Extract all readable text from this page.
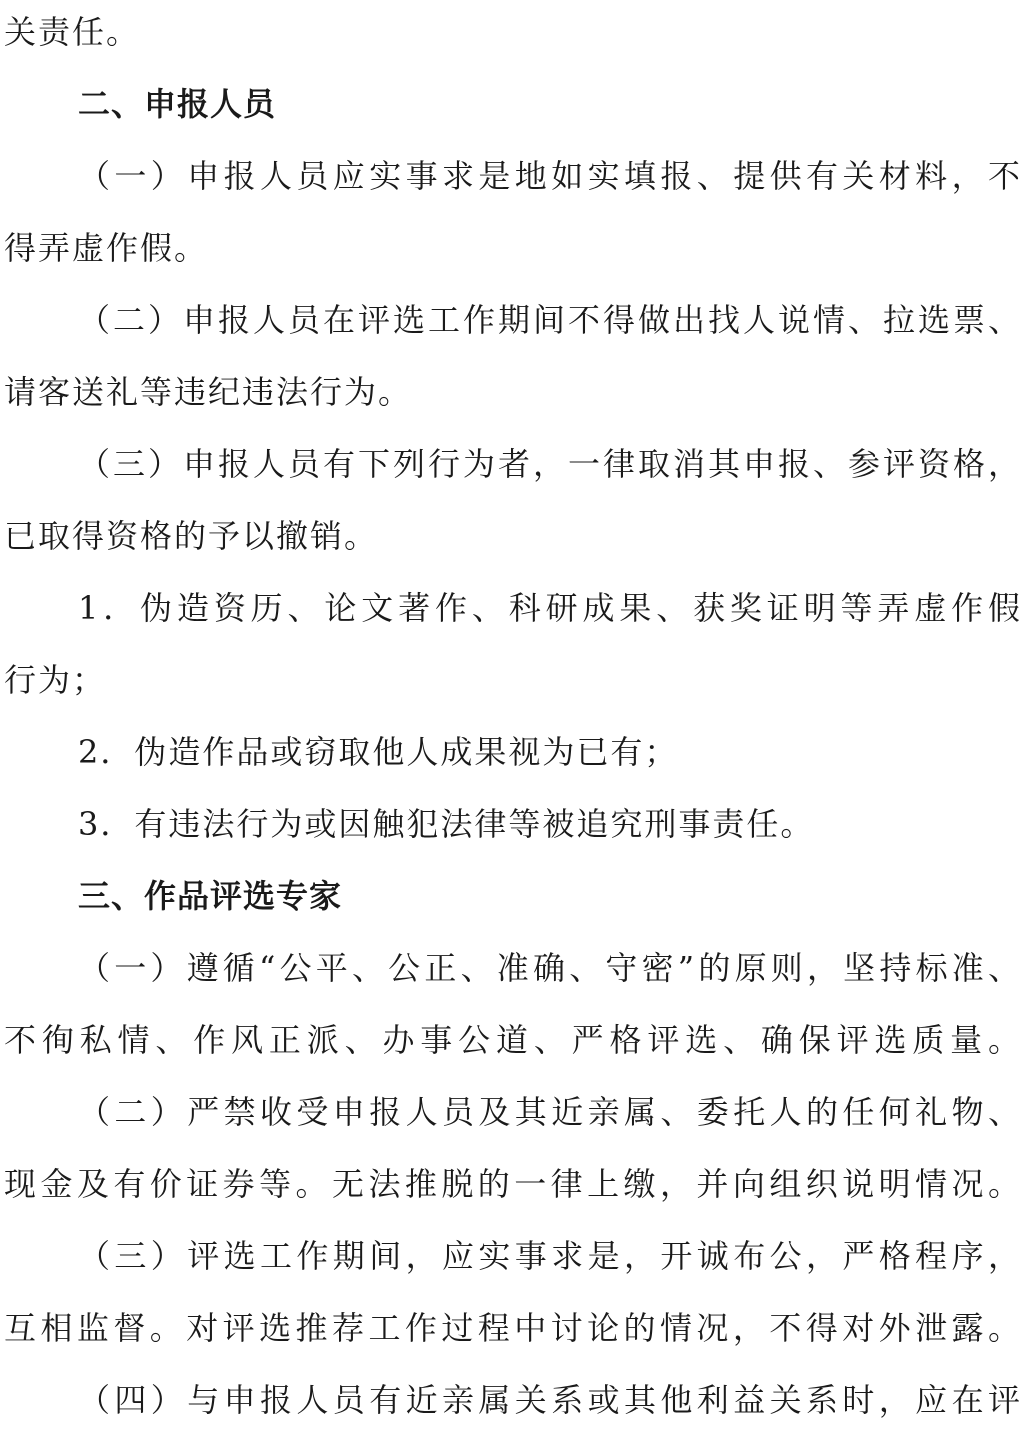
关责任。
二、申报人员
（一）申报人员应实事求是地如实填报、提供有关材料，不
得弄虚作假。
（二）申报人员在评选工作期间不得做出找人说情、拉选票、
请客送礼等违纪违法行为。
（三）申报人员有下列行为者，一律取消其申报、参评资格，
已取得资格的予以撤销。
1．伪造资历、论文著作、科研成果、获奖证明等弄虚作假
行为；
2．伪造作品或窃取他人成果视为已有；
3．有违法行为或因触犯法律等被追究刑事责任。
三、作品评选专家
（一）遵循“公平、公正、准确、守密”的原则，坚持标准、
不徇私情、作风正派、办事公道、严格评选、确保评选质量。
（二）严禁收受申报人员及其近亲属、委托人的任何礼物、
现金及有价证券等。无法推脱的一律上缴，并向组织说明情况。
（三）评选工作期间，应实事求是，开诚布公，严格程序，
互相监督。对评选推荐工作过程中讨论的情况，不得对外泄露。
（四）与申报人员有近亲属关系或其他利益关系时，应在评
